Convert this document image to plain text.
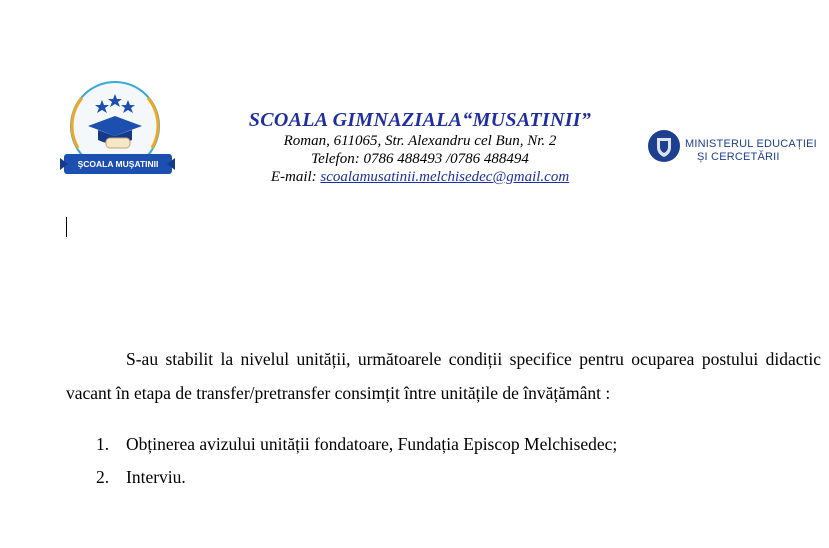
ŞCOALA MUŞATINII
SCOALA GIMNAZIALA“MUSATINII”
Roman, 611065, Str. Alexandru cel Bun, Nr. 2
Telefon: 0786 488493 /0786 488494
E-mail: scoalamusatinii.melchisedec@gmail.com
MINISTERUL EDUCAȚIEI
ȘI CERCETĂRII
S-au stabilit la nivelul unității, următoarele condiții specifice pentru ocuparea postului didactic vacant în etapa de transfer/pretransfer consimțit între unitățile de învățământ :
1. Obținerea avizului unității fondatoare, Fundația Episcop Melchisedec;
2. Interviu.
